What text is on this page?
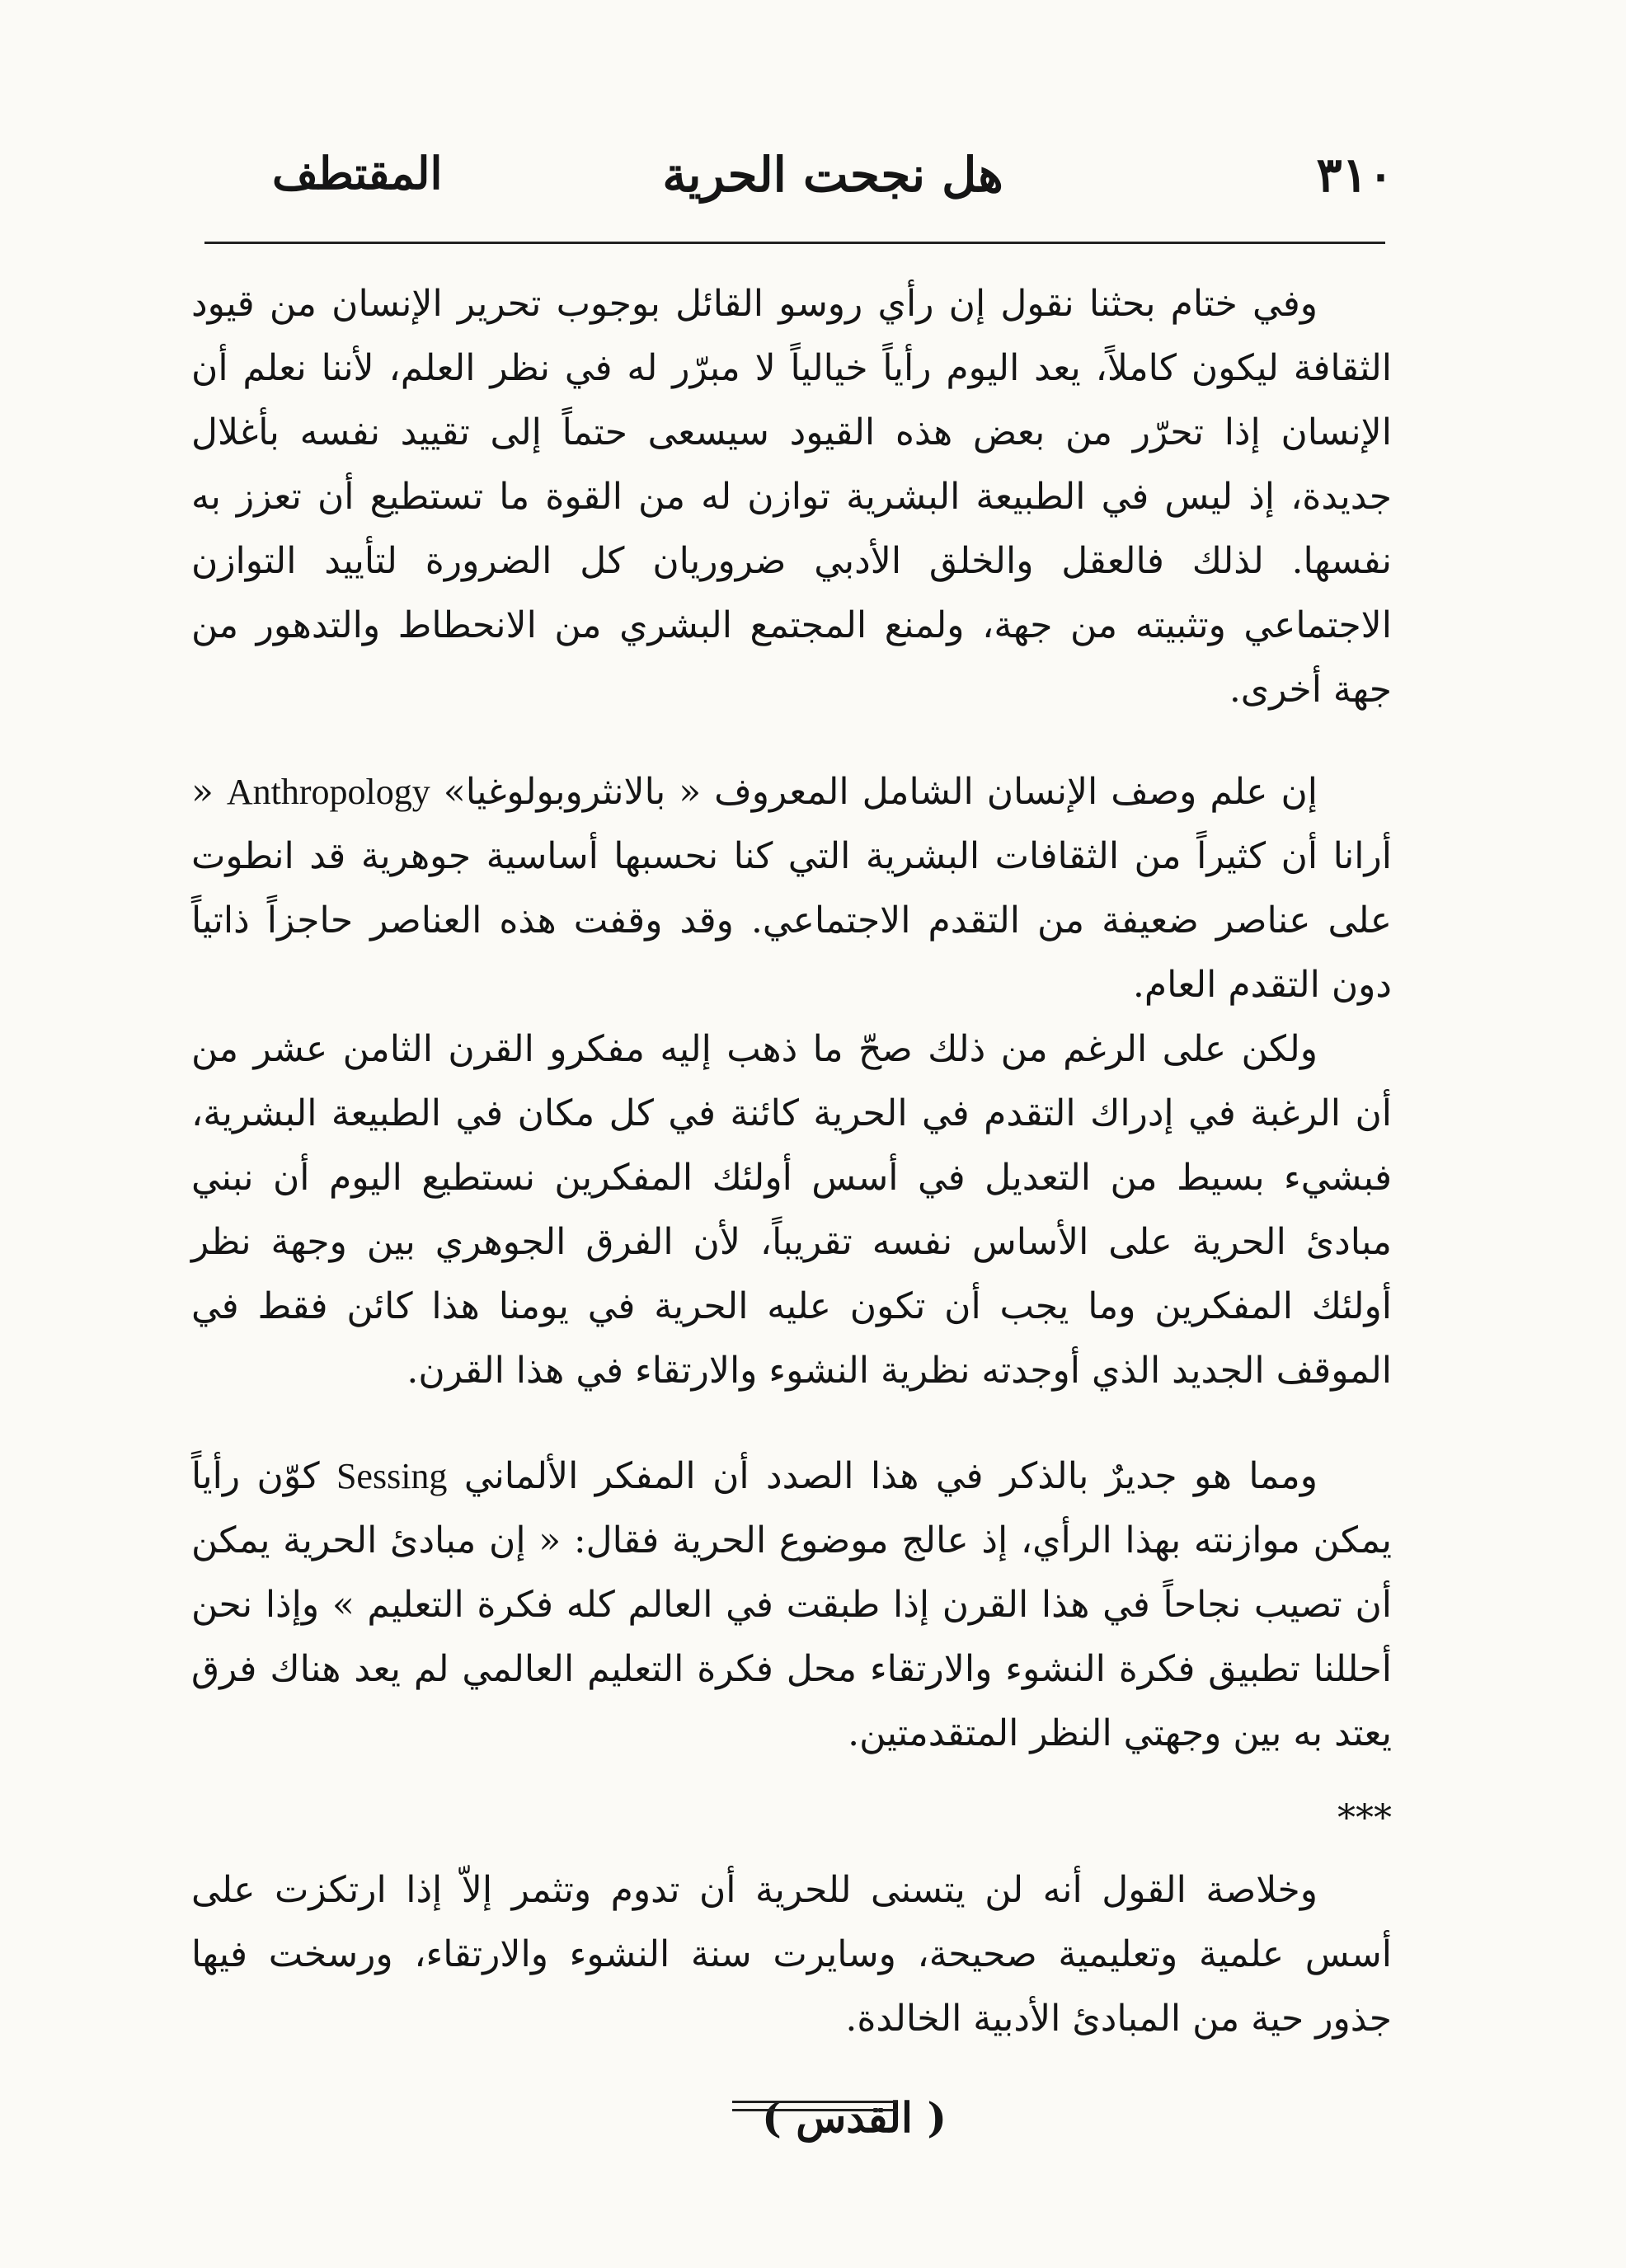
٣١٠
هل نجحت الحرية
المقتطف

وفي ختام بحثنا نقول إن رأي روسو القائل بوجوب تحرير الإنسان من قيود الثقافة ليكون كاملاً، يعد اليوم رأياً خيالياً لا مبرّر له في نظر العلم، لأننا نعلم أن الإنسان إذا تحرّر من بعض هذه القيود سيسعى حتماً إلى تقييد نفسه بأغلال جديدة، إذ ليس في الطبيعة البشرية توازن له من القوة ما تستطيع أن تعزز به نفسها. لذلك فالعقل والخلق الأدبي ضروريان كل الضرورة لتأييد التوازن الاجتماعي وتثبيته من جهة، ولمنع المجتمع البشري من الانحطاط والتدهور من جهة أخرى.

إن علم وصف الإنسان الشامل المعروف « بالانثروبولوغيا» Anthropology « أرانا أن كثيراً من الثقافات البشرية التي كنا نحسبها أساسية جوهرية قد انطوت على عناصر ضعيفة من التقدم الاجتماعي. وقد وقفت هذه العناصر حاجزاً ذاتياً دون التقدم العام.

ولكن على الرغم من ذلك صحّ ما ذهب إليه مفكرو القرن الثامن عشر من أن الرغبة في إدراك التقدم في الحرية كائنة في كل مكان في الطبيعة البشرية، فبشيء بسيط من التعديل في أسس أولئك المفكرين نستطيع اليوم أن نبني مبادئ الحرية على الأساس نفسه تقريباً، لأن الفرق الجوهري بين وجهة نظر أولئك المفكرين وما يجب أن تكون عليه الحرية في يومنا هذا كائن فقط في الموقف الجديد الذي أوجدته نظرية النشوء والارتقاء في هذا القرن.

ومما هو جديرٌ بالذكر في هذا الصدد أن المفكر الألماني Sessing كوّن رأياً يمكن موازنته بهذا الرأي، إذ عالج موضوع الحرية فقال: « إن مبادئ الحرية يمكن أن تصيب نجاحاً في هذا القرن إذا طبقت في العالم كله فكرة التعليم » وإذا نحن أحللنا تطبيق فكرة النشوء والارتقاء محل فكرة التعليم العالمي لم يعد هناك فرق يعتد به بين وجهتي النظر المتقدمتين.

***

وخلاصة القول أنه لن يتسنى للحرية أن تدوم وتثمر إلاّ إذا ارتكزت على أسس علمية وتعليمية صحيحة، وسايرت سنة النشوء والارتقاء، ورسخت فيها جذور حية من المبادئ الأدبية الخالدة.

( القدس )
